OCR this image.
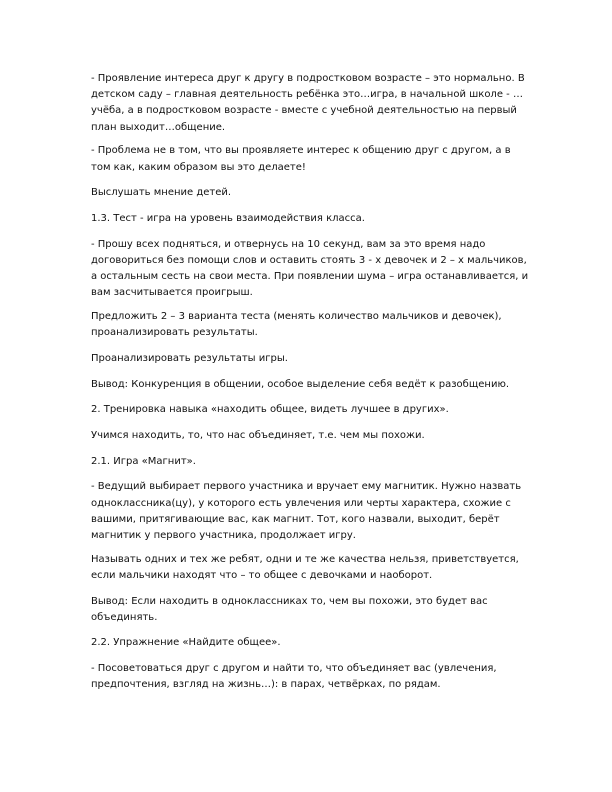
- Проявление интереса друг к другу в подростковом возрасте – это нормально. В детском саду – главная деятельность ребёнка это…игра, в начальной школе - …учёба, а в подростковом возрасте - вместе с учебной деятельностью на первый план выходит…общение.

- Проблема не в том, что вы проявляете интерес к общению друг с другом, а в том как, каким образом вы это делаете!

Выслушать мнение детей.

1.3. Тест - игра на уровень взаимодействия класса.

- Прошу всех подняться, и отвернусь на 10 секунд, вам за это время надо договориться без помощи слов и оставить стоять 3 - х девочек и 2 – х мальчиков, а остальным сесть на свои места. При появлении шума – игра останавливается, и вам засчитывается проигрыш.

Предложить 2 – 3 варианта теста (менять количество мальчиков и девочек), проанализировать результаты.

Проанализировать результаты игры.

Вывод: Конкуренция в общении, особое выделение себя ведёт к разобщению.

2. Тренировка навыка «находить общее, видеть лучшее в других».

Учимся находить, то, что нас объединяет, т.е. чем мы похожи.

2.1. Игра «Магнит».

- Ведущий выбирает первого участника и вручает ему магнитик. Нужно назвать одноклассника(цу), у которого есть увлечения или черты характера, схожие с вашими, притягивающие вас, как магнит. Тот, кого назвали, выходит, берёт магнитик у первого участника, продолжает игру.

Называть одних и тех же ребят, одни и те же качества нельзя, приветствуется, если мальчики находят что – то общее с девочками и наоборот.

Вывод: Если находить в одноклассниках то, чем вы похожи, это будет вас объединять.

2.2. Упражнение «Найдите общее».

- Посоветоваться друг с другом и найти то, что объединяет вас (увлечения, предпочтения, взгляд на жизнь…): в парах, четвёрках, по рядам.
